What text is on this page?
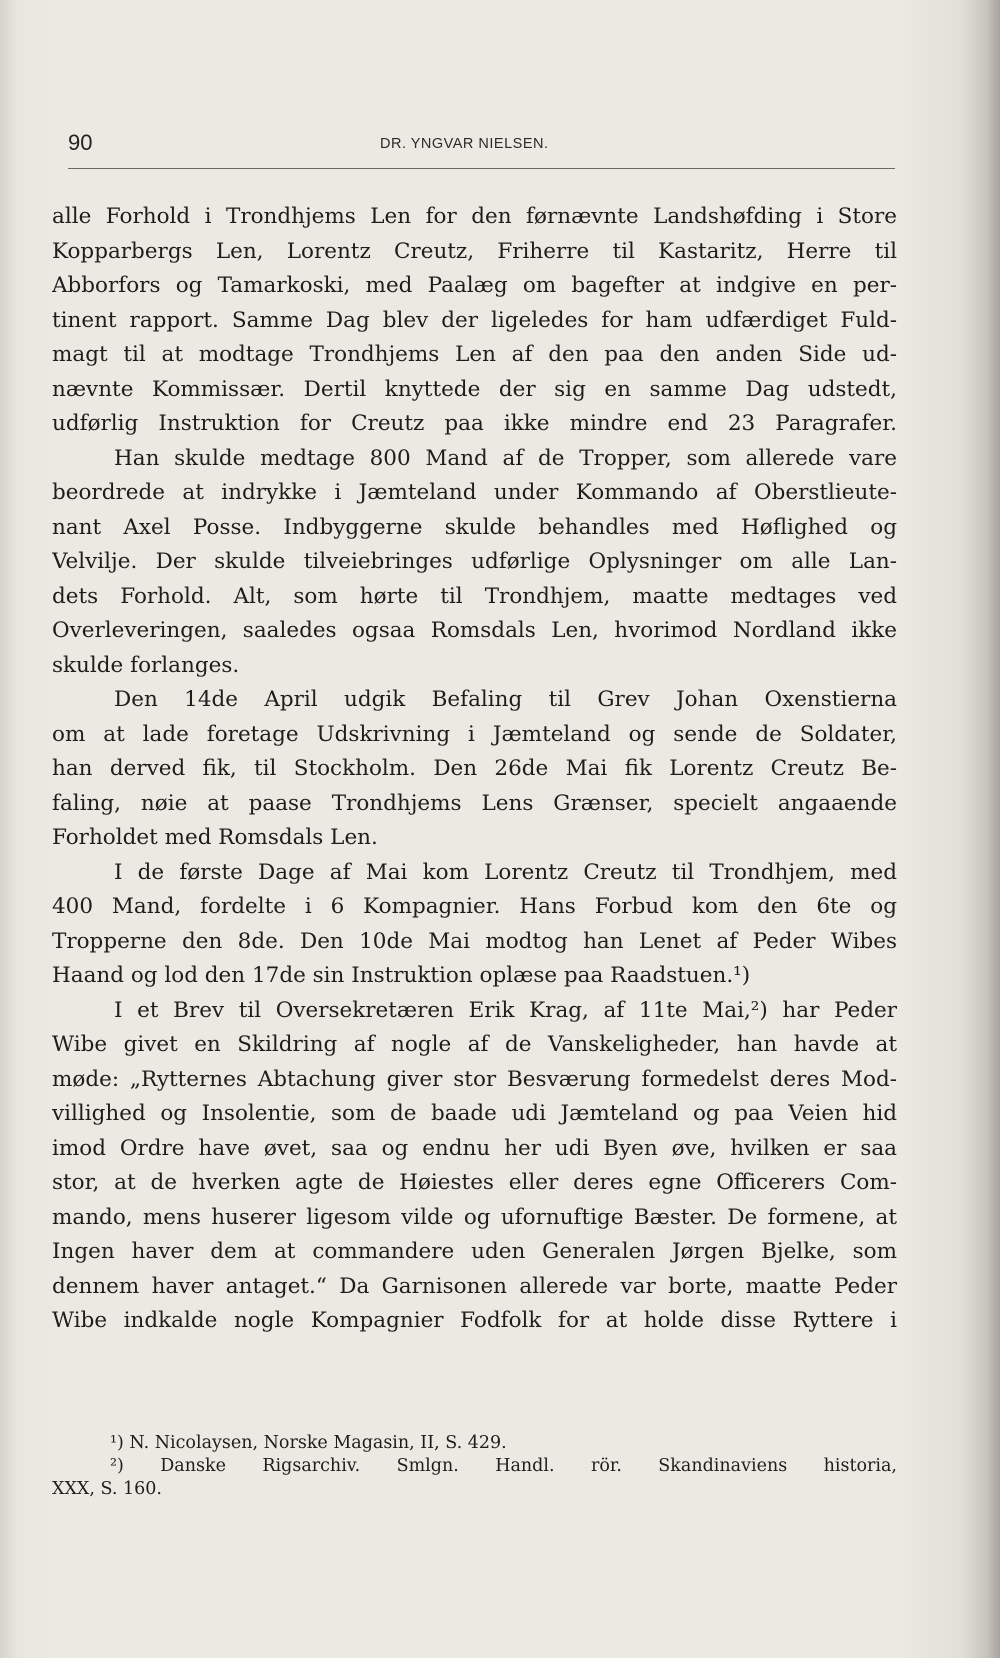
90	DR. YNGVAR NIELSEN.
alle Forhold i Trondhjems Len for den førnævnte Landshøfding i Store
Kopparbergs Len, Lorentz Creutz, Friherre til Kastaritz, Herre til
Abborfors og Tamarkoski, med Paalæg om bagefter at indgive en per-
tinent rapport. Samme Dag blev der ligeledes for ham udfærdiget Fuld-
magt til at modtage Trondhjems Len af den paa den anden Side ud-
nævnte Kommissær. Dertil knyttede der sig en samme Dag udstedt,
udførlig Instruktion for Creutz paa ikke mindre end 23 Paragrafer.
Han skulde medtage 800 Mand af de Tropper, som allerede vare
beordrede at indrykke i Jæmteland under Kommando af Oberstlieute-
nant Axel Posse. Indbyggerne skulde behandles med Høflighed og
Velvilje. Der skulde tilveiebringes udførlige Oplysninger om alle Lan-
dets Forhold. Alt, som hørte til Trondhjem, maatte medtages ved
Overleveringen, saaledes ogsaa Romsdals Len, hvorimod Nordland ikke
skulde forlanges.
Den 14de April udgik Befaling til Grev Johan Oxenstierna
om at lade foretage Udskrivning i Jæmteland og sende de Soldater,
han derved fik, til Stockholm. Den 26de Mai fik Lorentz Creutz Be-
faling, nøie at paase Trondhjems Lens Grænser, specielt angaaende
Forholdet med Romsdals Len.
I de første Dage af Mai kom Lorentz Creutz til Trondhjem, med
400 Mand, fordelte i 6 Kompagnier. Hans Forbud kom den 6te og
Tropperne den 8de. Den 10de Mai modtog han Lenet af Peder Wibes
Haand og lod den 17de sin Instruktion oplæse paa Raadstuen.¹)
I et Brev til Oversekretæren Erik Krag, af 11te Mai,²) har Peder
Wibe givet en Skildring af nogle af de Vanskeligheder, han havde at
møde: „Rytternes Abtachung giver stor Besværung formedelst deres Mod-
villighed og Insolentie, som de baade udi Jæmteland og paa Veien hid
imod Ordre have øvet, saa og endnu her udi Byen øve, hvilken er saa
stor, at de hverken agte de Høiestes eller deres egne Officerers Com-
mando, mens huserer ligesom vilde og ufornuftige Bæster. De formene, at
Ingen haver dem at commandere uden Generalen Jørgen Bjelke, som
dennem haver antaget.“ Da Garnisonen allerede var borte, maatte Peder
Wibe indkalde nogle Kompagnier Fodfolk for at holde disse Ryttere i
¹) N. Nicolaysen, Norske Magasin, II, S. 429.
²) Danske Rigsarchiv. Smlgn. Handl. rör. Skandinaviens historia,
XXX, S. 160.
